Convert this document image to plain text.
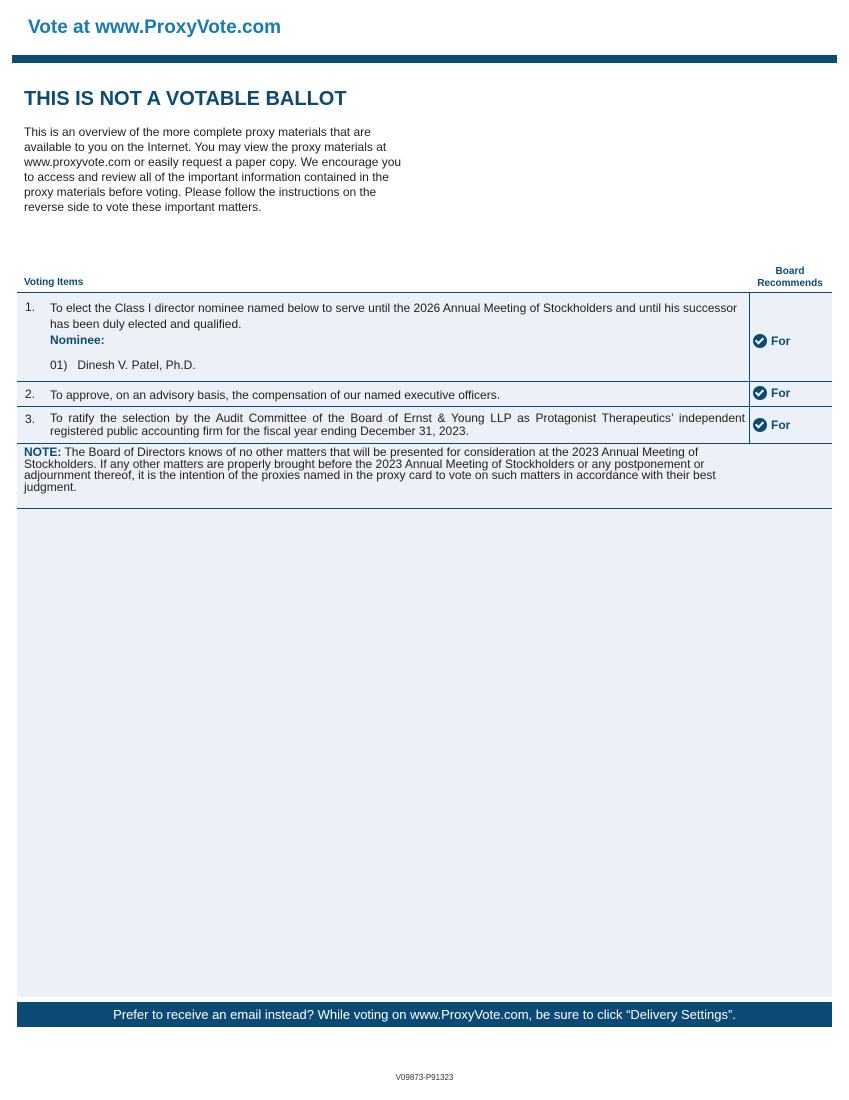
Vote at www.ProxyVote.com
THIS IS NOT A VOTABLE BALLOT

This is an overview of the more complete proxy materials that are available to you on the Internet. You may view the proxy materials at www.proxyvote.com or easily request a paper copy. We encourage you to access and review all of the important information contained in the proxy materials before voting. Please follow the instructions on the reverse side to vote these important matters.

Voting Items
Board
Recommends
1. To elect the Class I director nominee named below to serve until the 2026 Annual Meeting of Stockholders and until his successor has been duly elected and qualified.
Nominee:
01)   Dinesh V. Patel, Ph.D.
For
2. To approve, on an advisory basis, the compensation of our named executive officers.	For
3. To ratify the selection by the Audit Committee of the Board of Ernst & Young LLP as Protagonist Therapeutics’ independent registered public accounting firm for the fiscal year ending December 31, 2023.	For

NOTE: The Board of Directors knows of no other matters that will be presented for consideration at the 2023 Annual Meeting of Stockholders. If any other matters are properly brought before the 2023 Annual Meeting of Stockholders or any postponement or adjournment thereof, it is the intention of the proxies named in the proxy card to vote on such matters in accordance with their best judgment.

Prefer to receive an email instead? While voting on www.ProxyVote.com, be sure to click “Delivery Settings”.
V09873-P91323
